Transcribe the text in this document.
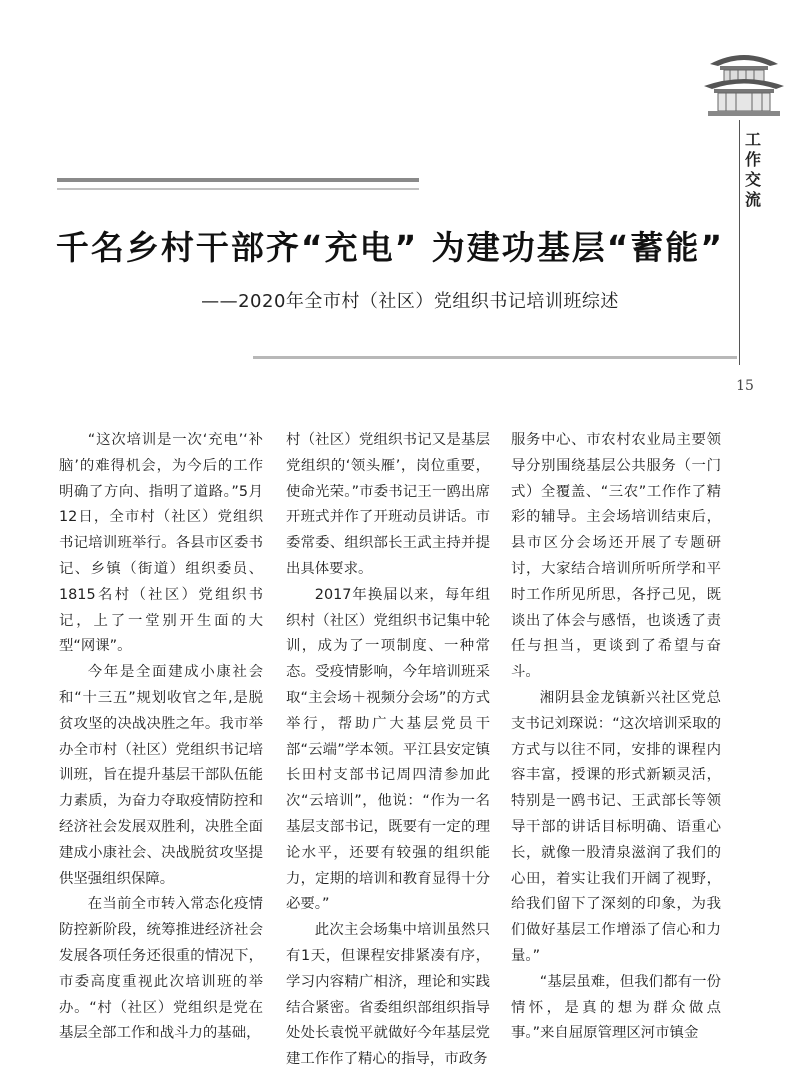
工作交流
15
千名乡村干部齐“充电” 为建功基层“蓄能”
——2020年全市村（社区）党组织书记培训班综述

“这次培训是一次‘充电’‘补脑’的难得机会，为今后的工作明确了方向、指明了道路。”5月12日，全市村（社区）党组织书记培训班举行。各县市区委书记、乡镇（街道）组织委员、1815名村（社区）党组织书记，上了一堂别开生面的大型“网课”。

今年是全面建成小康社会和“十三五”规划收官之年,是脱贫攻坚的决战决胜之年。我市举办全市村（社区）党组织书记培训班，旨在提升基层干部队伍能力素质，为奋力夺取疫情防控和经济社会发展双胜利，决胜全面建成小康社会、决战脱贫攻坚提供坚强组织保障。

在当前全市转入常态化疫情防控新阶段，统筹推进经济社会发展各项任务还很重的情况下，市委高度重视此次培训班的举办。“村（社区）党组织是党在基层全部工作和战斗力的基础，

村（社区）党组织书记又是基层党组织的‘领头雁’，岗位重要，使命光荣。”市委书记王一鸥出席开班式并作了开班动员讲话。市委常委、组织部长王武主持并提出具体要求。

2017年换届以来，每年组织村（社区）党组织书记集中轮训，成为了一项制度、一种常态。受疫情影响，今年培训班采取“主会场＋视频分会场”的方式举行，帮助广大基层党员干部“云端”学本领。平江县安定镇长田村支部书记周四清参加此次“云培训”，他说：“作为一名基层支部书记，既要有一定的理论水平，还要有较强的组织能力，定期的培训和教育显得十分必要。”

此次主会场集中培训虽然只有1天，但课程安排紧凑有序，学习内容精广相济，理论和实践结合紧密。省委组织部组织指导处处长袁悦平就做好今年基层党建工作作了精心的指导，市政务

服务中心、市农村农业局主要领导分别围绕基层公共服务（一门式）全覆盖、“三农”工作作了精彩的辅导。主会场培训结束后，县市区分会场还开展了专题研讨，大家结合培训所听所学和平时工作所见所思，各抒己见，既谈出了体会与感悟，也谈透了责任与担当，更谈到了希望与奋斗。

湘阴县金龙镇新兴社区党总支书记刘琛说：“这次培训采取的方式与以往不同，安排的课程内容丰富，授课的形式新颖灵活，特别是一鸥书记、王武部长等领导干部的讲话目标明确、语重心长，就像一股清泉滋润了我们的心田，着实让我们开阔了视野，给我们留下了深刻的印象，为我们做好基层工作增添了信心和力量。”

“基层虽难，但我们都有一份情怀，是真的想为群众做点事。”来自屈原管理区河市镇金
